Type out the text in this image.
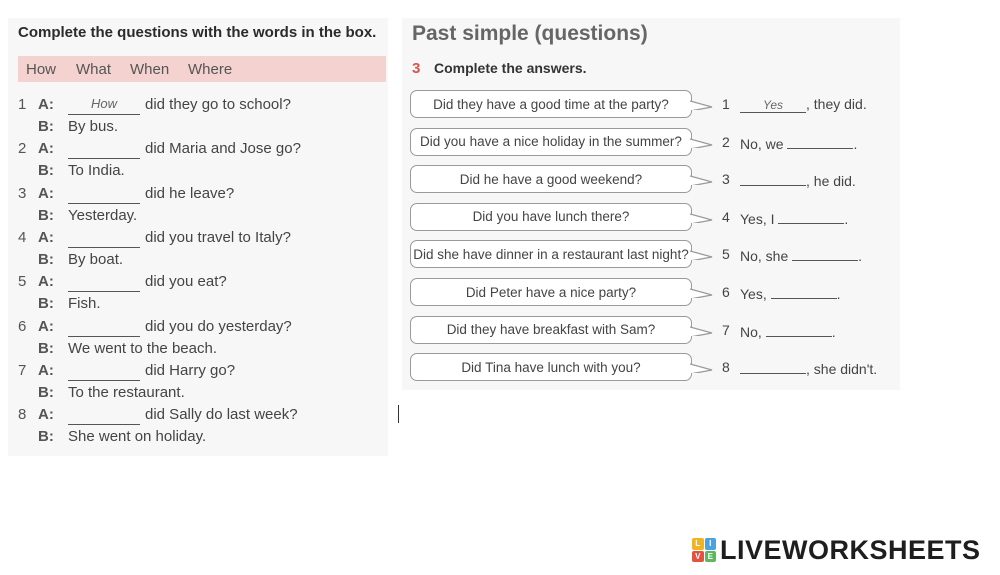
Complete the questions with the words in the box.
How What When Where
1 A:	How	did they go to school?
B: By bus.
2 A:	did Maria and Jose go?
B: To India.
3 A:	did he leave?
B: Yesterday.
4 A:	did you travel to Italy?
B: By boat.
5 A:	did you eat?
B: Fish.
6 A:	did you do yesterday?
B: We went to the beach.
7 A:	did Harry go?
B: To the restaurant.
8 A:	did Sally do last week?
B: She went on holiday.
Past simple (questions)
3 Complete the answers.
Did they have a good time at the party?	1	Yes , they did.
Did you have a nice holiday in the summer?	2 No, we	.
Did he have a good weekend?	3	, he did.
Did you have lunch there?	4 Yes, I	.
Did she have dinner in a restaurant last night? 5 No, she	.
Did Peter have a nice party?	6 Yes,	.
Did they have breakfast with Sam?	7 No,	.
Did Tina have lunch with you?	8	, she didn't.
L	I
V E LIVEWORKSHEETS
